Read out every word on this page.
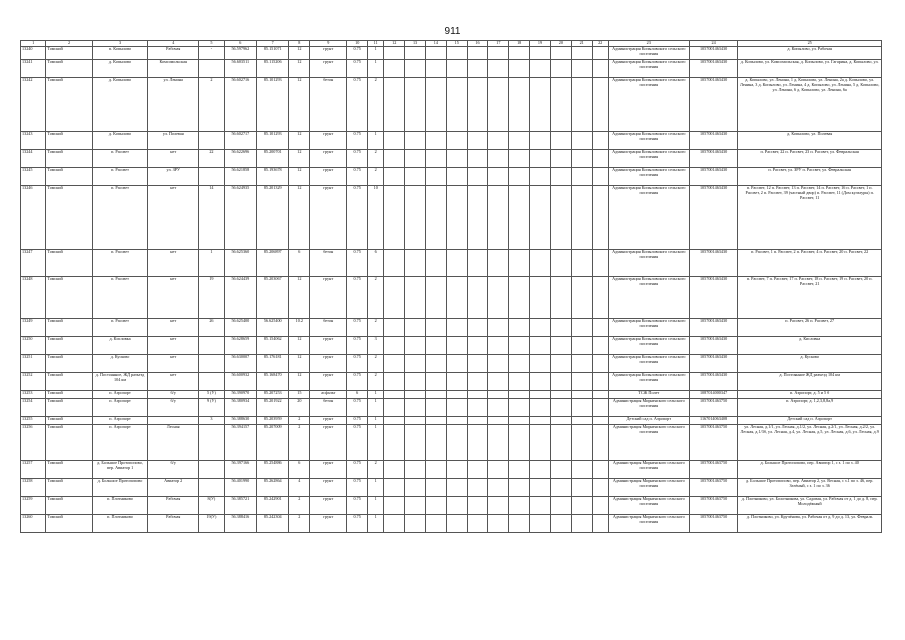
911
1	2	3	4	5	6	7	8	9	10	11	12	13	14	15	16	17	18	19	20	21	22	23	24	25
13240	Томский	п. Копылово	Рабочая	-	56.597962	85.151071	12	грунт	0.75	1												Администрация Копыловского сельского поселения	1057001463430	д. Копылово, ул. Рабочая
13241	Томский	д. Копылово	Комсомольская		56.603511	85.115206	12	грунт	0.75	1												Администрация Копыловского сельского поселения	1057001463430	д. Копылово, ул. Комсомольская, д. Копылово, ул. Гагарина, д. Копылово, ул.
13242	Томский	д. Копылово	ул. Ленина	2	56.602716	85.101293	12	бетон	0.75	2												Администрация Копыловского сельского поселения	1057001463430	д. Копылово, ул. Ленина, 1 д. Копылово, ул. Ленина, 2а д. Копылово, ул. Ленина, 3 д. Копылово, ул. Ленина, 4 д. Копылово, ул. Ленина, 5 д. Копылово, ул. Ленина, 6 д. Копылово, ул. Ленина, 6а
13243	Томский	д. Копылово	ул. Полевая		56.602717	85.101293	12	грунт	0.75	1												Администрация Копыловского сельского поселения	1057001463430	д. Копылово, ул. Полевая
13244	Томский	п. Рассвет	нет	22	56.622696	85.200701	12	грунт	0.75	2												Администрация Копыловского сельского поселения	1057001463430	п. Рассвет, 22 п. Рассвет, 23 п. Рассвет, ул. Февральская
13245	Томский	п. Рассвет	ул. ЗРУ		56.621858	85.193678	12	грунт	0.75	2												Администрация Копыловского сельского поселения	1057001463430	п. Рассвет, ул. ЗРУ п. Рассвет, ул. Февральская
13246	Томский	п. Рассвет	нет	14	56.624935	85.201329	12	грунт	0.75	10												Администрация Копыловского сельского поселения	1057001463430	п. Рассвет, 12 п. Рассвет, 13 п. Рассвет, 14 п. Рассвет, 16 п. Рассвет, 1 п. Рассвет, 2 п. Рассвет, 39 (частный двор) п. Рассвет, 11 (Дом культуры) п. Рассвет, 11
13247	Томский	п. Рассвет	нет	1	56.625360	85.206897	6	бетон	0.75	6												Администрация Копыловского сельского поселения	1057001463430	п. Рассвет, 1 п. Рассвет, 2 п. Рассвет, 4 п. Рассвет, 20 п. Рассвет, 22
13248	Томский	п. Рассвет	нет	19	56.624439	85.203067	12	грунт	0.75	2												Администрация Копыловского сельского поселения	1057001463430	п. Рассвет, 7 п. Рассвет, 17 п. Рассвет, 18 п. Рассвет, 19 п. Рассвет, 20 п. Рассвет, 21
13249	Томский	п. Рассвет	нет	26	56.625400	56.625400	10.2	бетон	0.75	2												Администрация Копыловского сельского поселения	1057001463430	п. Рассвет, 26 п. Рассвет, 27
13250	Томский	д. Кисловка	нет		56.628659	85.154062	12	грунт	0.75	3												Администрация Копыловского сельского поселения	1057001463430	д. Кисловка
13251	Томский	д. Кусково	нет		56.630007	85.176181	12	грунт	0.75	2												Администрация Копыловского сельского поселения	1057001463430	д. Кусково
13252	Томский	д. Постоянное, ЖД разъезд 104 км	нет		56.600932	85.168470	12	грунт	0.75	2												Администрация Копыловского сельского поселения	1057001463430	д. Постоянное ЖД разъезд 104 км
13253	Томский	п. Аэропорт	б/у	5 (У)	56.390970	85.207253	15	асфальт	6	1												ТСЖ Полет	1087014000347	п. Аэропорт, д. 5 и 5 б
13254	Томский	п. Аэропорт	б/у	9 (У)	56.380934	85.201922	20	бетон	0.75	1												Администрация Мирненского сельского поселения	1057001463750	п. Аэропорт, д. 1,2,3,8,8а,9
13255	Томский	п. Аэропорт		3	56.388630	85.203959	2	грунт	0.75	1												Детский сад п. Аэропорт	1167014063408	Детский сад п. Аэропорт
13256	Томский	п. Аэропорт	Лесная		56.394157	85.207009	2	грунт	0.75	1												Администрация Мирненского сельского поселения	1057001463750	ул. Лесная, д.1/1, ул. Лесная, д.1/2, ул. Лесная, д.2/1, ул. Лесная, д.2/2, ул. Лесная, д.1/3б, ул. Лесная, д.4, ул. Лесная, д.5, ул. Лесная, д.6, ул. Лесная, д.9
13257	Томский	д. Большое Протопопово, пер. Авиатор 1	б/у		56.397166	85.254886	6	грунт	0.75	2												Администрация Мирненского сельского поселения	1057001463750	д. Большое Протопопово, пер. Авиатор 1, с з. 1 по з. 40
13258	Томский	д. Большое Протопопово	Авиатор 2		56.401990	85.262864	4	грунт	0.75	1												Администрация Мирненского сельского поселения	1057001463750	д. Большое Протопопово, пер. Авиатор 2, ул. Весная, с з.1 по з. 46, пер. Зелёный, с з. 1 по з. 36
13259	Томский	п. Плотниково	Рабочая	8(У)	56.385721	85.242901	2	грунт	0.75	1												Администрация Мирненского сельского поселения	1057001463750	д. Плотниково, ул. Болотникова, ул. Садовая, ул. Рабочая от д. 1 до д. 8, пер. Молодёжный
13260	Томский	п. Плотниково	Рабочая	19(У)	56.388416	85.242304	2	грунт	0.75	1												Администрация Мирненского сельского поселения	1057001463750	д. Плотниково, ул. Кручёнова, ул. Рабочая от д. 9 до д. 13, ул. Февраль
